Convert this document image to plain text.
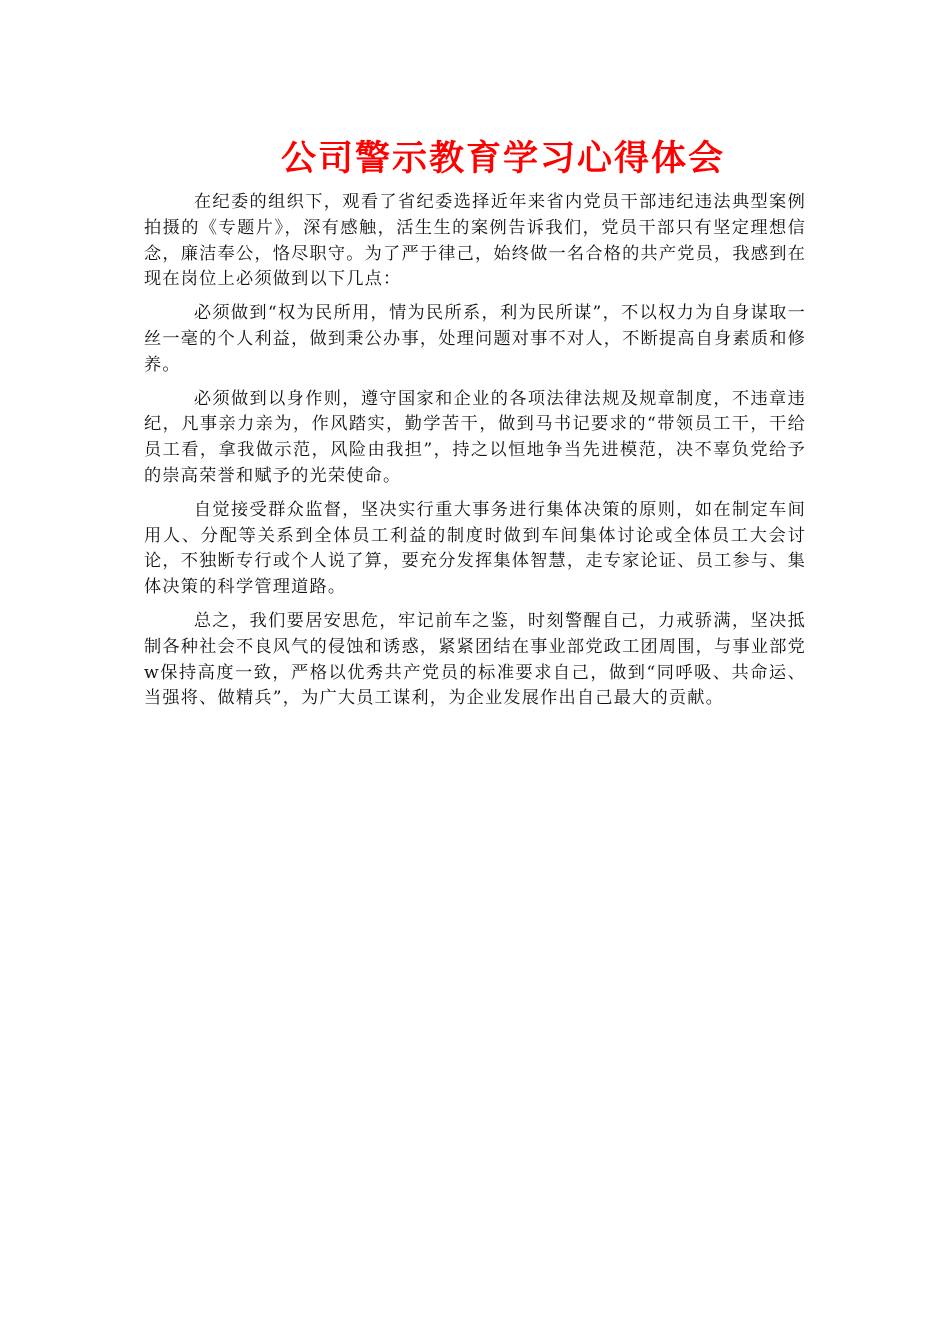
公司警示教育学习心得体会

在纪委的组织下，观看了省纪委选择近年来省内党员干部违纪违法典型案例拍摄的《专题片》，深有感触，活生生的案例告诉我们，党员干部只有坚定理想信念，廉洁奉公，恪尽职守。为了严于律己，始终做一名合格的共产党员，我感到在现在岗位上必须做到以下几点：

必须做到“权为民所用，情为民所系，利为民所谋”，不以权力为自身谋取一丝一毫的个人利益，做到秉公办事，处理问题对事不对人，不断提高自身素质和修养。

必须做到以身作则，遵守国家和企业的各项法律法规及规章制度，不违章违纪，凡事亲力亲为，作风踏实，勤学苦干，做到马书记要求的“带领员工干，干给员工看，拿我做示范，风险由我担”，持之以恒地争当先进模范，决不辜负党给予的崇高荣誉和赋予的光荣使命。

自觉接受群众监督，坚决实行重大事务进行集体决策的原则，如在制定车间用人、分配等关系到全体员工利益的制度时做到车间集体讨论或全体员工大会讨论，不独断专行或个人说了算，要充分发挥集体智慧，走专家论证、员工参与、集体决策的科学管理道路。

总之，我们要居安思危，牢记前车之鉴，时刻警醒自己，力戒骄满，坚决抵制各种社会不良风气的侵蚀和诱惑，紧紧团结在事业部党政工团周围，与事业部党w保持高度一致，严格以优秀共产党员的标准要求自己，做到“同呼吸、共命运、当强将、做精兵”，为广大员工谋利，为企业发展作出自己最大的贡献。
